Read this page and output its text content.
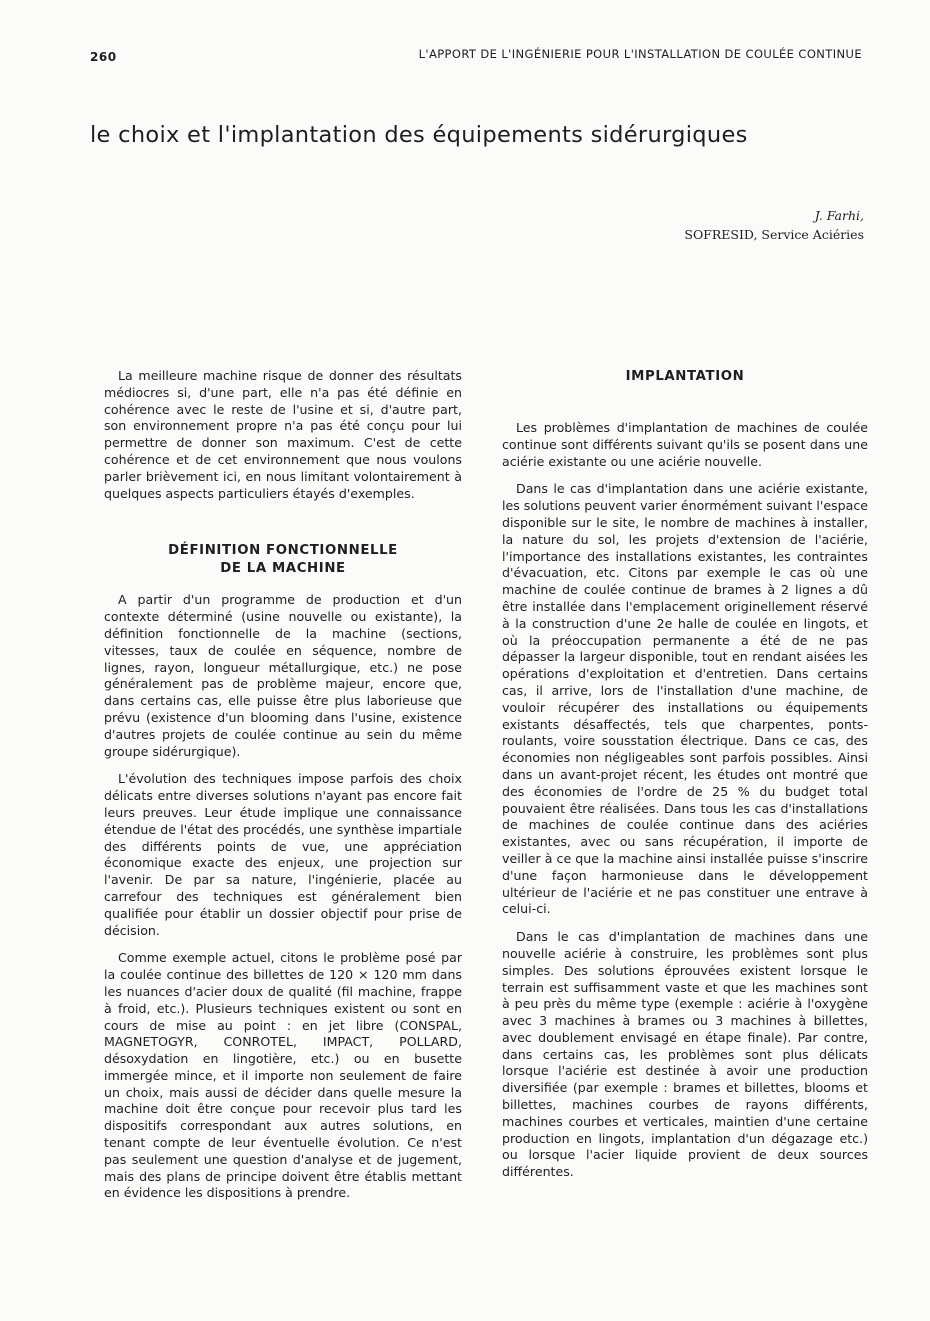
260	L'APPORT DE L'INGÉNIERIE POUR L'INSTALLATION DE COULÉE CONTINUE
le choix et l'implantation des équipements sidérurgiques
J. Farhi,
SOFRESID, Service Aciéries

La meilleure machine risque de donner des résultats médiocres si, d'une part, elle n'a pas été définie en cohérence avec le reste de l'usine et si, d'autre part, son environnement propre n'a pas été conçu pour lui permettre de donner son maximum. C'est de cette cohérence et de cet environnement que nous voulons parler brièvement ici, en nous limitant volontairement à quelques aspects particuliers étayés d'exemples.

DÉFINITION FONCTIONNELLE
DE LA MACHINE

A partir d'un programme de production et d'un contexte déterminé (usine nouvelle ou existante), la définition fonctionnelle de la machine (sections, vitesses, taux de coulée en séquence, nombre de lignes, rayon, longueur métallurgique, etc.) ne pose généralement pas de problème majeur, encore que, dans certains cas, elle puisse être plus laborieuse que prévu (existence d'un blooming dans l'usine, existence d'autres projets de coulée continue au sein du même groupe sidérurgique).

L'évolution des techniques impose parfois des choix délicats entre diverses solutions n'ayant pas encore fait leurs preuves. Leur étude implique une connaissance étendue de l'état des procédés, une synthèse impartiale des différents points de vue, une appréciation économique exacte des enjeux, une projection sur l'avenir. De par sa nature, l'ingénierie, placée au carrefour des techniques est généralement bien qualifiée pour établir un dossier objectif pour prise de décision.

Comme exemple actuel, citons le problème posé par la coulée continue des billettes de 120 × 120 mm dans les nuances d'acier doux de qualité (fil machine, frappe à froid, etc.). Plusieurs techniques existent ou sont en cours de mise au point : en jet libre (CONSPAL, MAGNETOGYR, CONROTEL, IMPACT, POLLARD, désoxydation en lingotière, etc.) ou en busette immergée mince, et il importe non seulement de faire un choix, mais aussi de décider dans quelle mesure la machine doit être conçue pour recevoir plus tard les dispositifs correspondant aux autres solutions, en tenant compte de leur éventuelle évolution. Ce n'est pas seulement une question d'analyse et de jugement, mais des plans de principe doivent être établis mettant en évidence les dispositions à prendre.

IMPLANTATION

Les problèmes d'implantation de machines de coulée continue sont différents suivant qu'ils se posent dans une aciérie existante ou une aciérie nouvelle.

Dans le cas d'implantation dans une aciérie existante, les solutions peuvent varier énormément suivant l'espace disponible sur le site, le nombre de machines à installer, la nature du sol, les projets d'extension de l'aciérie, l'importance des installations existantes, les contraintes d'évacuation, etc. Citons par exemple le cas où une machine de coulée continue de brames à 2 lignes a dû être installée dans l'emplacement originellement réservé à la construction d'une 2e halle de coulée en lingots, et où la préoccupation permanente a été de ne pas dépasser la largeur disponible, tout en rendant aisées les opérations d'exploitation et d'entretien. Dans certains cas, il arrive, lors de l'installation d'une machine, de vouloir récupérer des installations ou équipements existants désaffectés, tels que charpentes, ponts-roulants, voire sousstation électrique. Dans ce cas, des économies non négligeables sont parfois possibles. Ainsi dans un avant-projet récent, les études ont montré que des économies de l'ordre de 25 % du budget total pouvaient être réalisées. Dans tous les cas d'installations de machines de coulée continue dans des aciéries existantes, avec ou sans récupération, il importe de veiller à ce que la machine ainsi installée puisse s'inscrire d'une façon harmonieuse dans le développement ultérieur de l'aciérie et ne pas constituer une entrave à celui-ci.

Dans le cas d'implantation de machines dans une nouvelle aciérie à construire, les problèmes sont plus simples. Des solutions éprouvées existent lorsque le terrain est suffisamment vaste et que les machines sont à peu près du même type (exemple : aciérie à l'oxygène avec 3 machines à brames ou 3 machines à billettes, avec doublement envisagé en étape finale). Par contre, dans certains cas, les problèmes sont plus délicats lorsque l'aciérie est destinée à avoir une production diversifiée (par exemple : brames et billettes, blooms et billettes, machines courbes de rayons différents, machines courbes et verticales, maintien d'une certaine production en lingots, implantation d'un dégazage etc.) ou lorsque l'acier liquide provient de deux sources différentes.
